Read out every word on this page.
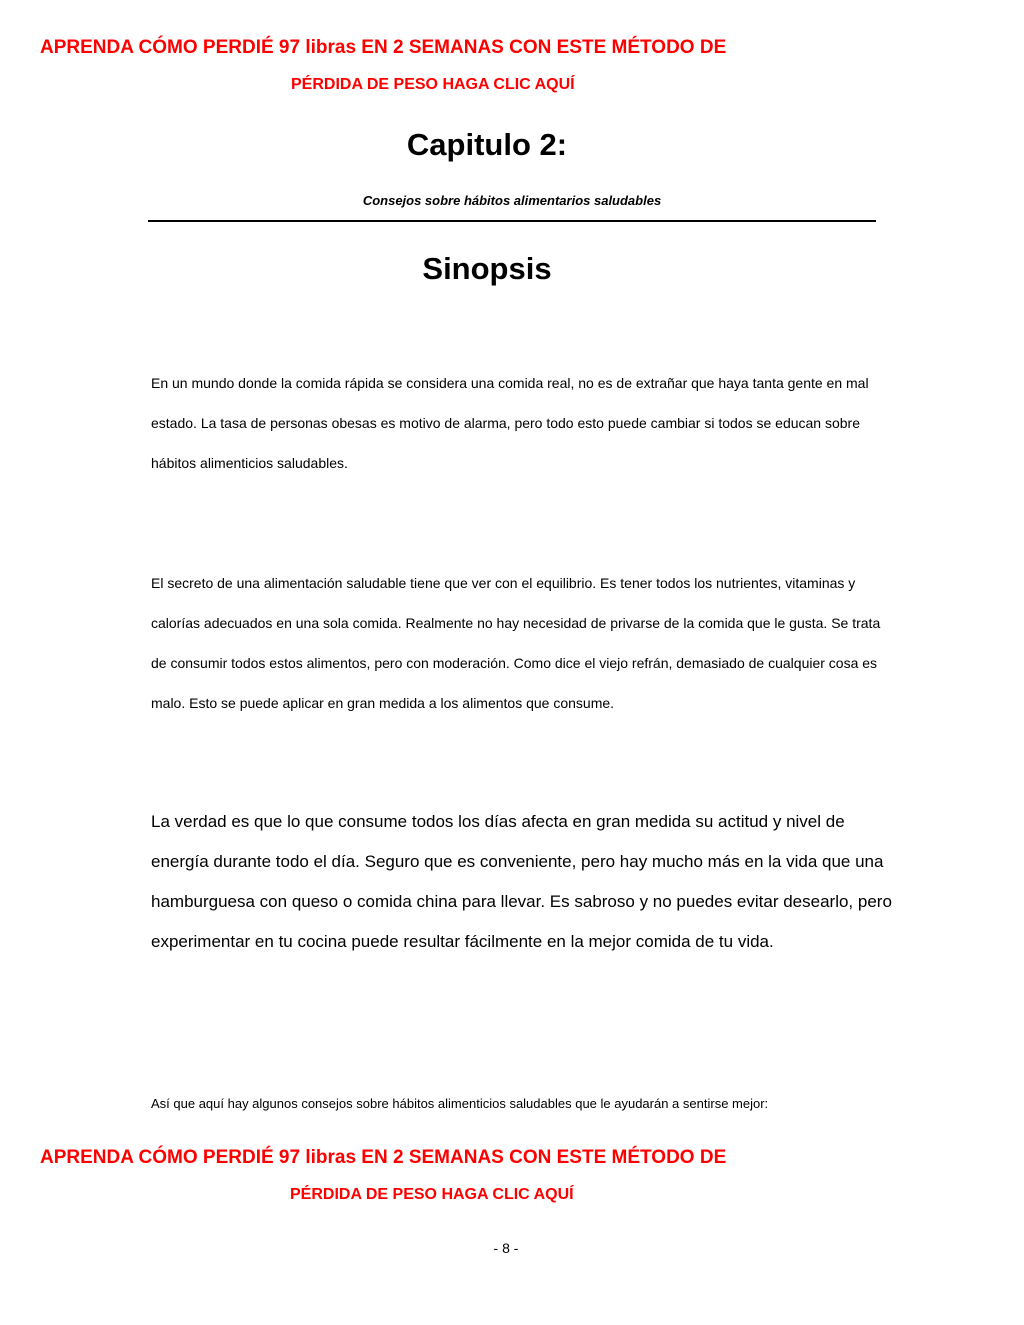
APRENDA CÓMO PERDIÉ 97 libras EN 2 SEMANAS CON ESTE MÉTODO DE
PÉRDIDA DE PESO HAGA CLIC AQUÍ
Capitulo 2:

Consejos sobre hábitos alimentarios saludables

Sinopsis

En un mundo donde la comida rápida se considera una comida real, no es de extrañar que haya tanta gente en mal estado. La tasa de personas obesas es motivo de alarma, pero todo esto puede cambiar si todos se educan sobre hábitos alimenticios saludables.

El secreto de una alimentación saludable tiene que ver con el equilibrio. Es tener todos los nutrientes, vitaminas y calorías adecuados en una sola comida. Realmente no hay necesidad de privarse de la comida que le gusta. Se trata de consumir todos estos alimentos, pero con moderación. Como dice el viejo refrán, demasiado de cualquier cosa es malo. Esto se puede aplicar en gran medida a los alimentos que consume.

La verdad es que lo que consume todos los días afecta en gran medida su actitud y nivel de energía durante todo el día. Seguro que es conveniente, pero hay mucho más en la vida que una hamburguesa con queso o comida china para llevar. Es sabroso y no puedes evitar desearlo, pero experimentar en tu cocina puede resultar fácilmente en la mejor comida de tu vida.

Así que aquí hay algunos consejos sobre hábitos alimenticios saludables que le ayudarán a sentirse mejor:

APRENDA CÓMO PERDIÉ 97 libras EN 2 SEMANAS CON ESTE MÉTODO DE
PÉRDIDA DE PESO HAGA CLIC AQUÍ

- 8 -
